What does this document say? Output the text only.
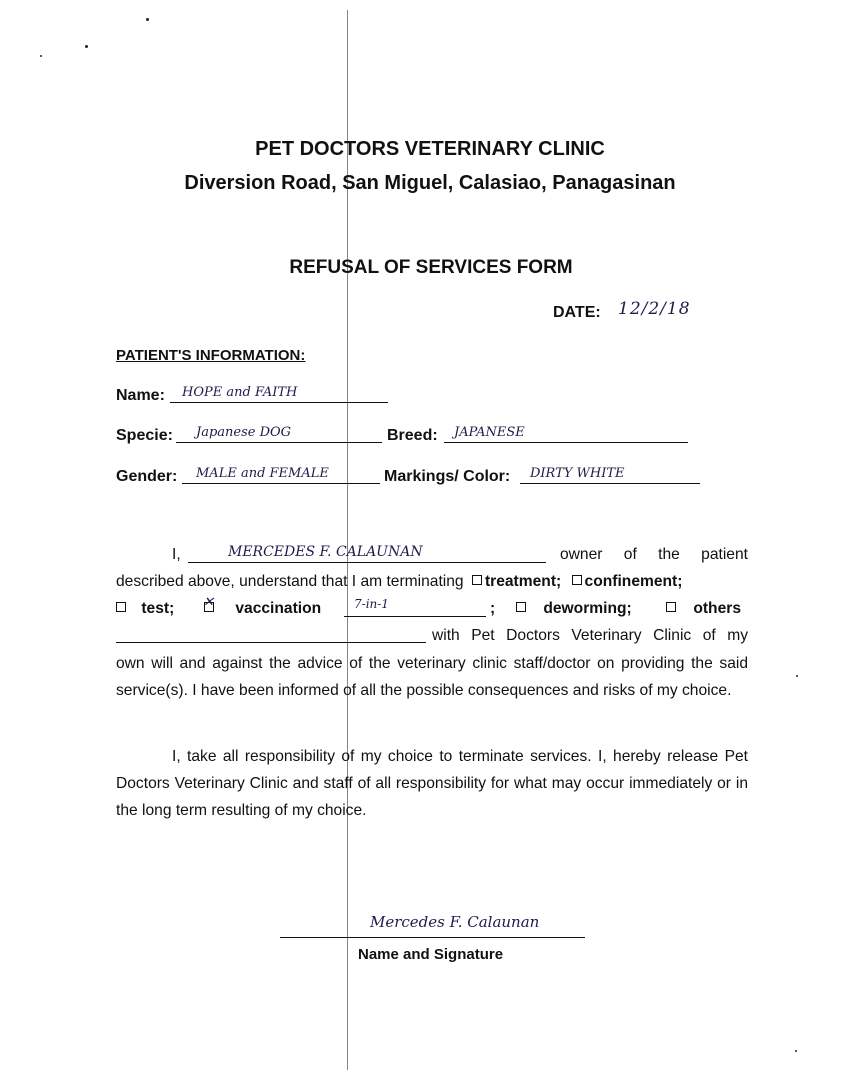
PET DOCTORS VETERINARY CLINIC
Diversion Road, San Miguel, Calasiao, Panagasinan
REFUSAL OF SERVICES FORM
DATE: 12/2/18
PATIENT'S INFORMATION:
Name: HOPE and FAITH
Specie: Japanese DOG	Breed: JAPANESE
Gender: MALE and FEMALE	Markings/ Color: DIRTY WHITE
I,	MERCEDES F. CALAUNAN	owner of the patient
described above, understand that I am terminating treatment; confinement;
test; ✕ vaccination	7-in-1	;	deworming;	others
with Pet Doctors Veterinary Clinic of my
own will and against the advice of the veterinary clinic staff/doctor on providing the said service(s). I have been informed of all the possible consequences and risks of my choice.
I, take all responsibility of my choice to terminate services. I, hereby release Pet Doctors Veterinary Clinic and staff of all responsibility for what may occur immediately or in the long term resulting of my choice.
Mercedes F. Calaunan
Name and Signature
